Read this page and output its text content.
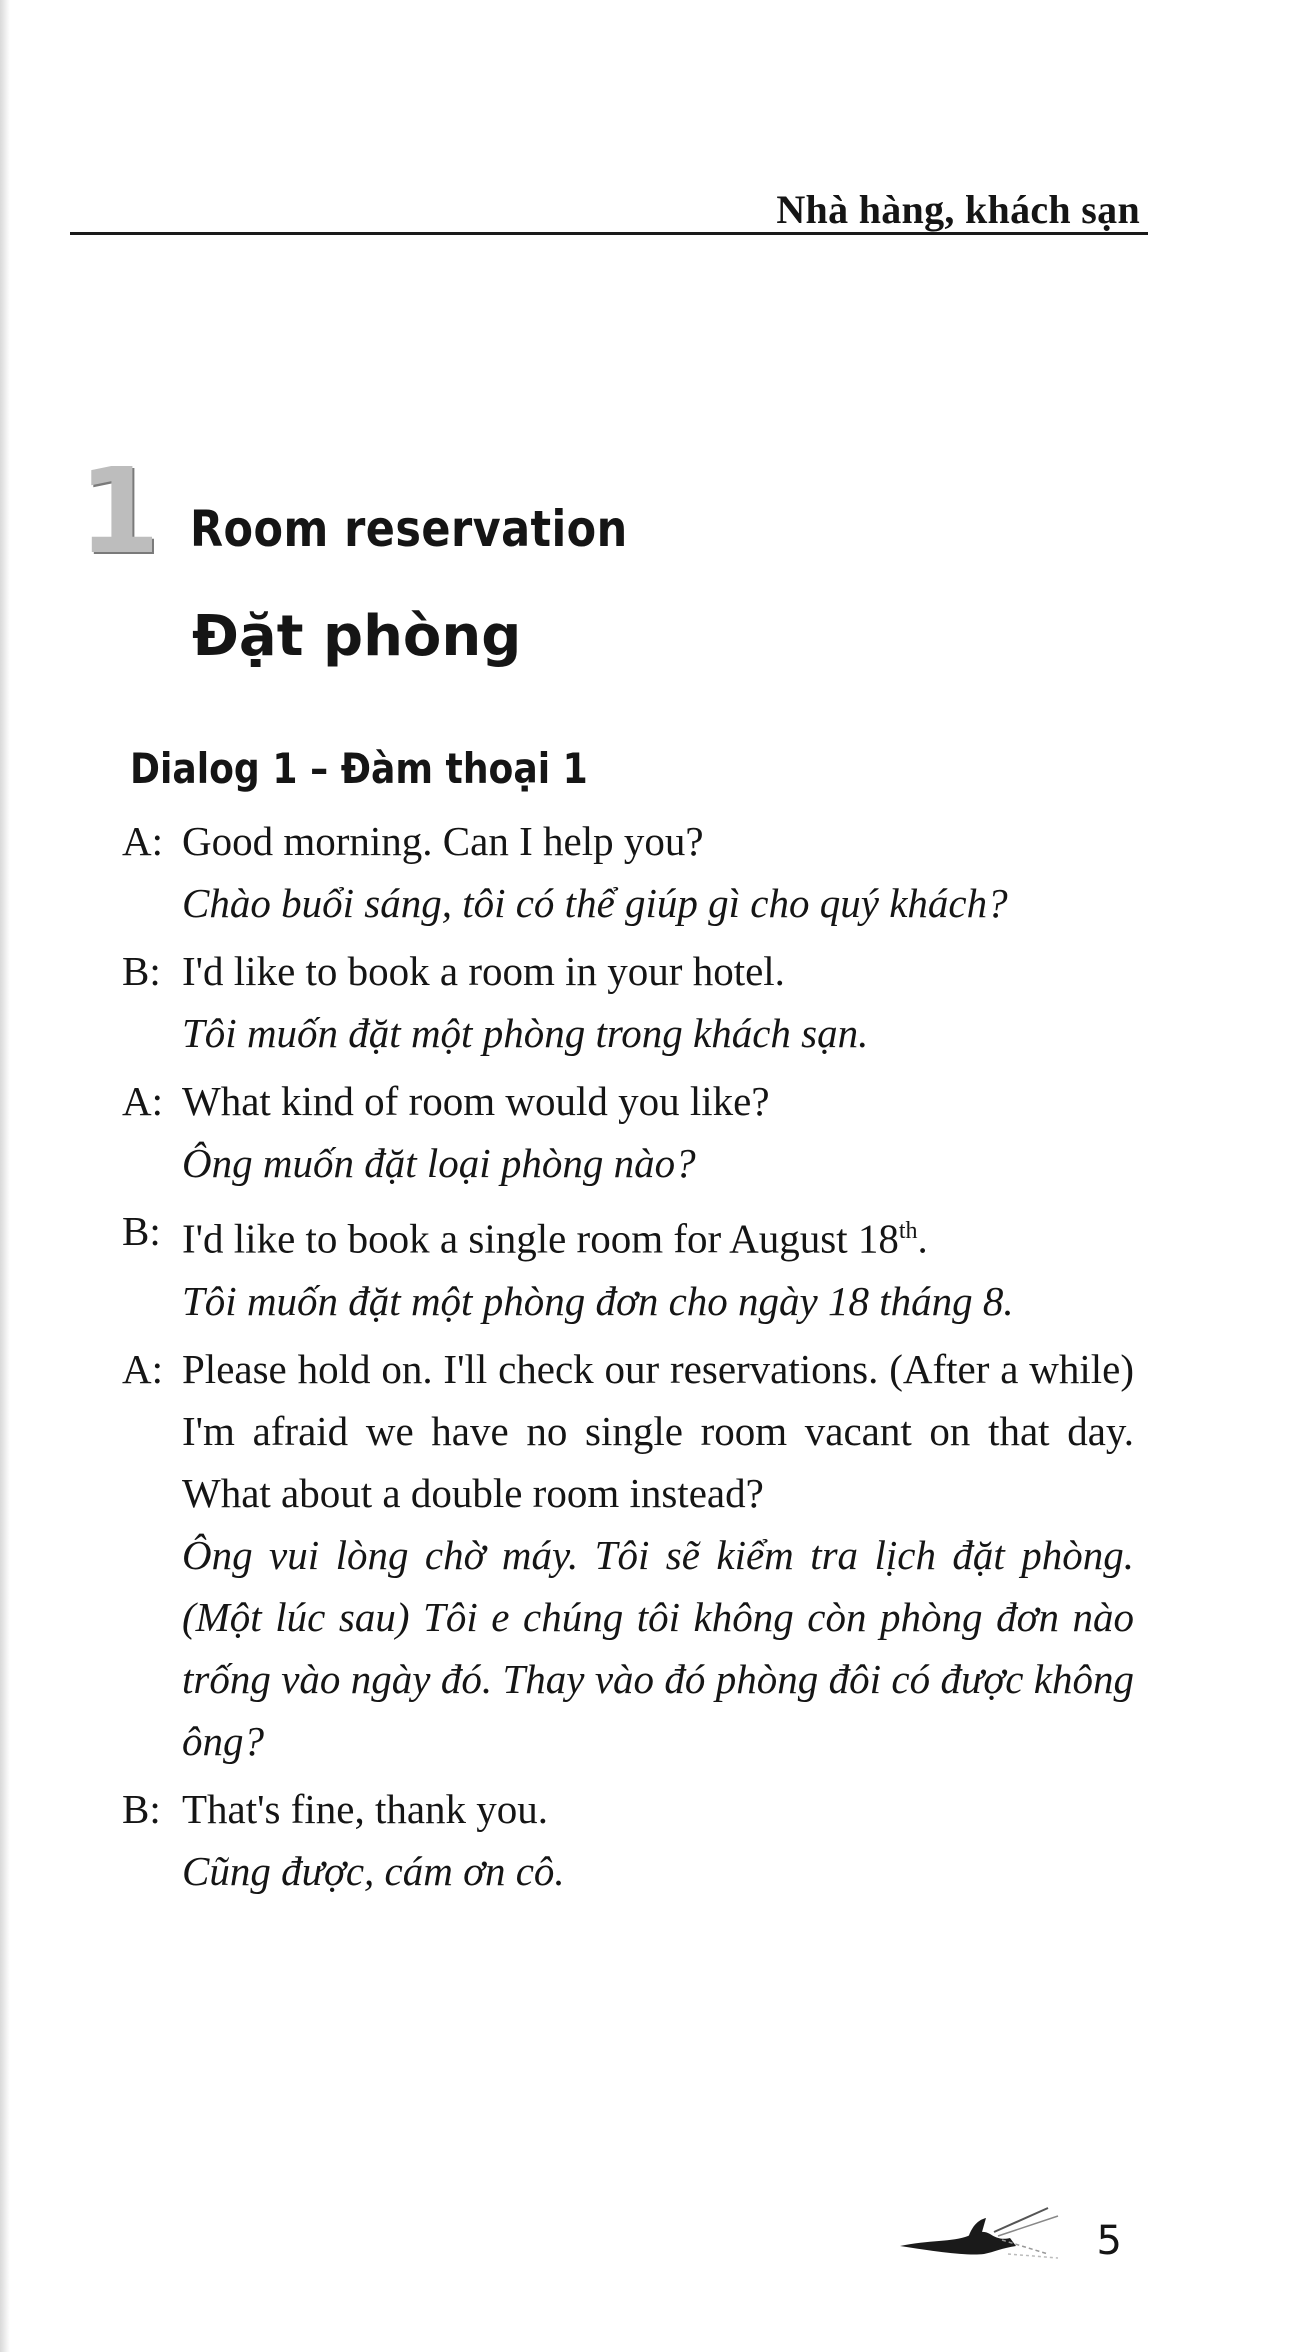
Nhà hàng, khách sạn
1 Room reservation
Đặt phòng
Dialog 1 – Đàm thoại 1
A: Good morning. Can I help you?
Chào buổi sáng, tôi có thể giúp gì cho quý khách?
B: I'd like to book a room in your hotel.
Tôi muốn đặt một phòng trong khách sạn.
A: What kind of room would you like?
Ông muốn đặt loại phòng nào?
B: I'd like to book a single room for August 18th.
Tôi muốn đặt một phòng đơn cho ngày 18 tháng 8.
A: Please hold on. I'll check our reservations. (After a while) I'm afraid we have no single room vacant on that day. What about a double room instead?
Ông vui lòng chờ máy. Tôi sẽ kiểm tra lịch đặt phòng. (Một lúc sau) Tôi e chúng tôi không còn phòng đơn nào trống vào ngày đó. Thay vào đó phòng đôi có được không ông?
B: That's fine, thank you.
Cũng được, cám ơn cô.
5
